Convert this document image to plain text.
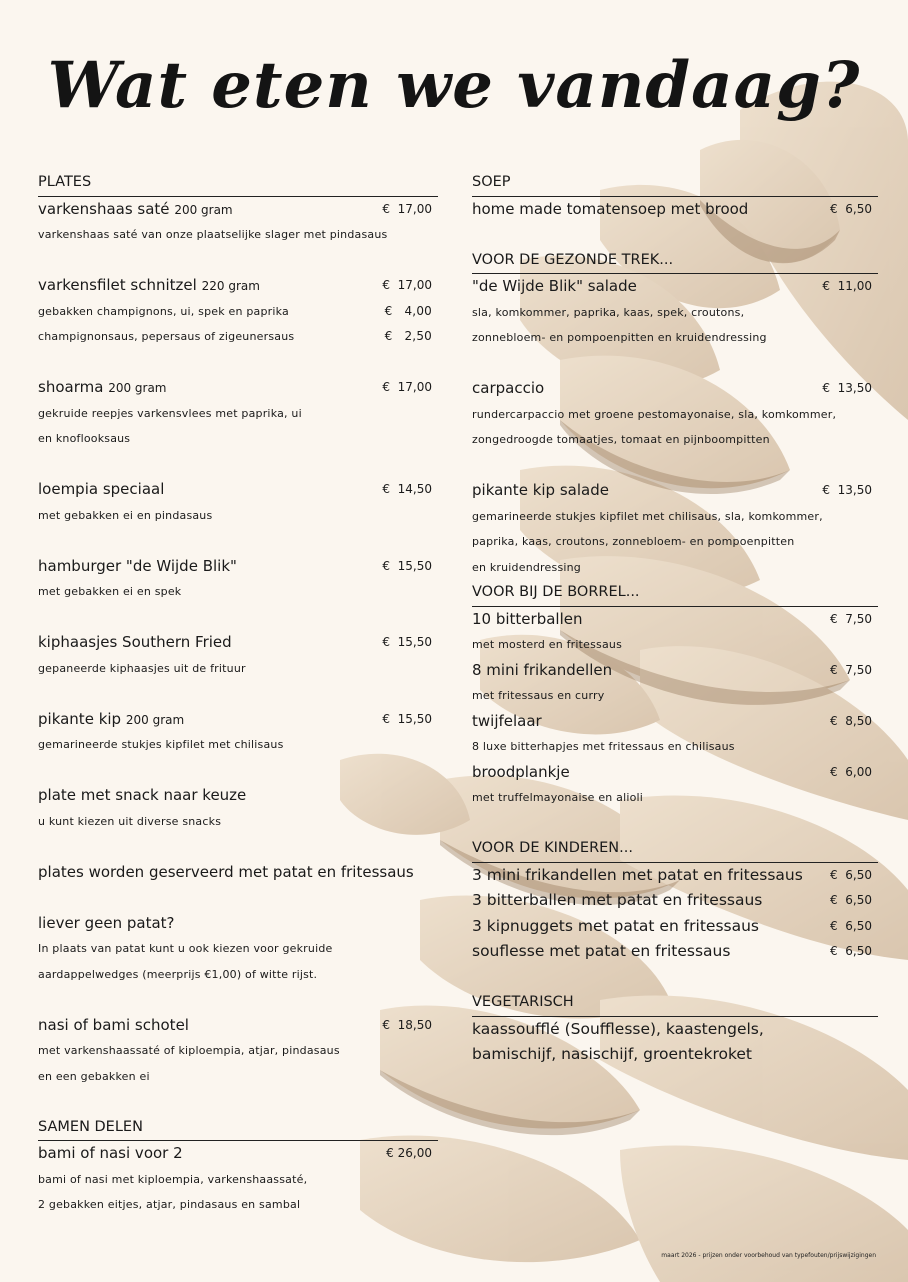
Wat eten we vandaag?
PLATES
varkenshaas saté 200 gram	€ 17,00
varkenshaas saté van onze plaatselijke slager met pindasaus
varkensfilet schnitzel 220 gram	€ 17,00
gebakken champignons, ui, spek en paprika	€ 4,00
champignonsaus, pepersaus of zigeunersaus	€ 2,50
shoarma 200 gram	€ 17,00
gekruide reepjes varkensvlees met paprika, ui
en knoflooksaus
loempia speciaal	€ 14,50
met gebakken ei en pindasaus
hamburger "de Wijde Blik"	€ 15,50
met gebakken ei en spek
kiphaasjes Southern Fried	€ 15,50
gepaneerde kiphaasjes uit de frituur
pikante kip 200 gram	€ 15,50
gemarineerde stukjes kipfilet met chilisaus
plate met snack naar keuze
u kunt kiezen uit diverse snacks
plates worden geserveerd met patat en fritessaus
liever geen patat?
In plaats van patat kunt u ook kiezen voor gekruide
aardappelwedges (meerprijs €1,00) of witte rijst.
nasi of bami schotel	€ 18,50
met varkenshaassaté of kiploempia, atjar, pindasaus
en een gebakken ei
SAMEN DELEN
bami of nasi voor 2	€ 26,00
bami of nasi met kiploempia, varkenshaassaté,
2 gebakken eitjes, atjar, pindasaus en sambal
SOEP
home made tomatensoep met brood	€ 6,50
VOOR DE GEZONDE TREK...
"de Wijde Blik" salade	€ 11,00
sla, komkommer, paprika, kaas, spek, croutons,
zonnebloem- en pompoenpitten en kruidendressing
carpaccio	€ 13,50
rundercarpaccio met groene pestomayonaise, sla, komkommer,
zongedroogde tomaatjes, tomaat en pijnboompitten
pikante kip salade	€ 13,50
gemarineerde stukjes kipfilet met chilisaus, sla, komkommer,
paprika, kaas, croutons, zonnebloem- en pompoenpitten
en kruidendressing
VOOR BIJ DE BORREL...
10 bitterballen	€ 7,50
met mosterd en fritessaus
8 mini frikandellen	€ 7,50
met fritessaus en curry
twijfelaar	€ 8,50
8 luxe bitterhapjes met fritessaus en chilisaus
broodplankje	€ 6,00
met truffelmayonaise en alioli
VOOR DE KINDEREN...
3 mini frikandellen met patat en fritessaus € 6,50
3 bitterballen met patat en fritessaus	€ 6,50
3 kipnuggets met patat en fritessaus	€ 6,50
souflesse met patat en fritessaus	€ 6,50
VEGETARISCH
kaassoufflé (Soufflesse), kaastengels,
bamischijf, nasischijf, groentekroket
maart 2026 - prijzen onder voorbehoud van typefouten/prijswijzigingen
